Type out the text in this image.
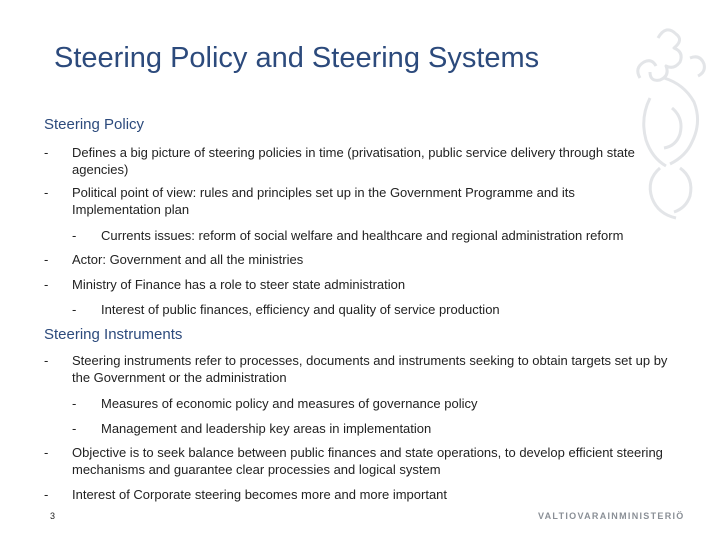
Steering Policy and Steering Systems
Steering Policy
- Defines a big picture of steering policies in time (privatisation, public service delivery through state agencies)
- Political point of view: rules and principles set up in the Government Programme and its Implementation plan
- Currents issues: reform of social welfare and healthcare and regional administration reform
- Actor: Government and all the ministries
- Ministry of Finance has a role to steer state administration
- Interest of public finances, efficiency and quality of service production
Steering Instruments
- Steering instruments refer to processes, documents and instruments seeking to obtain targets set up by the Government or the administration
- Measures of economic policy and measures of governance policy
- Management and leadership key areas in implementation
- Objective is to seek balance between public finances and state operations, to develop efficient steering mechanisms and guarantee clear processies and logical system
- Interest of Corporate steering becomes more and more important
3	VALTIOVARAINMINISTERIÖ
